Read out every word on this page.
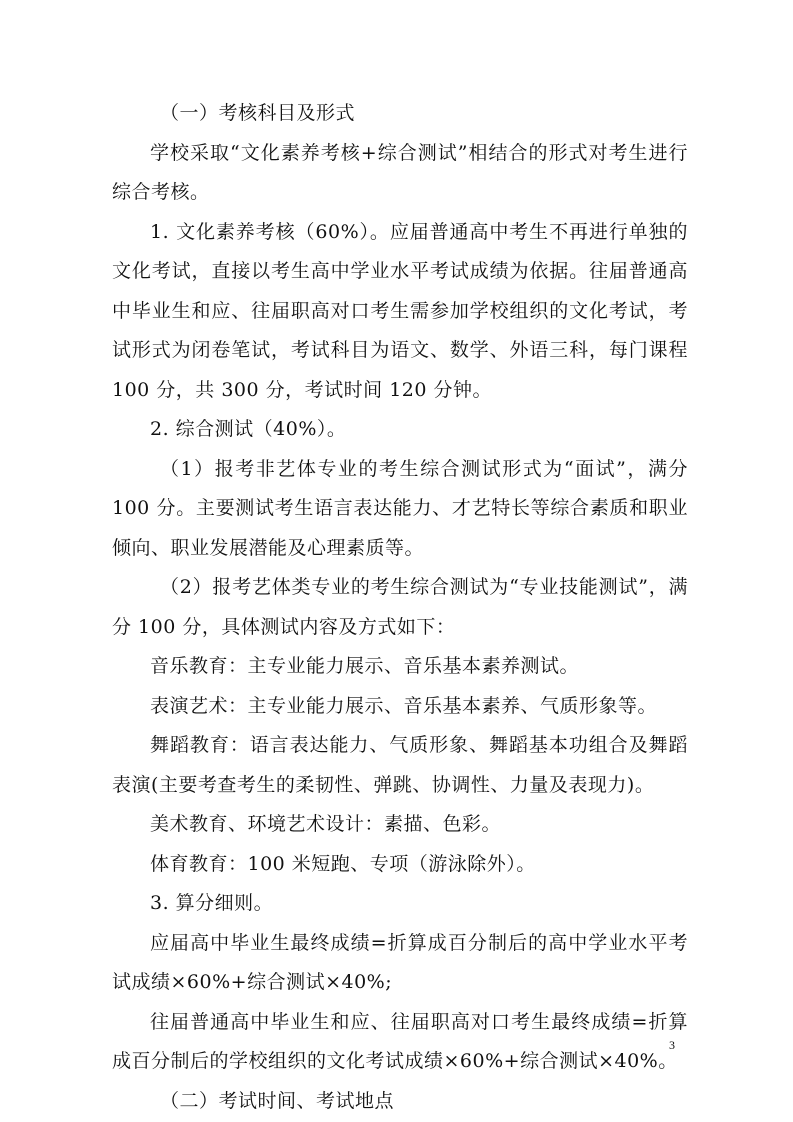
（一）考核科目及形式

学校采取“文化素养考核+综合测试”相结合的形式对考生进行综合考核。

1. 文化素养考核（60%）。应届普通高中考生不再进行单独的文化考试，直接以考生高中学业水平考试成绩为依据。往届普通高中毕业生和应、往届职高对口考生需参加学校组织的文化考试，考试形式为闭卷笔试，考试科目为语文、数学、外语三科，每门课程 100 分，共 300 分，考试时间 120 分钟。

2. 综合测试（40%）。

（1）报考非艺体专业的考生综合测试形式为“面试”，满分 100 分。主要测试考生语言表达能力、才艺特长等综合素质和职业倾向、职业发展潜能及心理素质等。

（2）报考艺体类专业的考生综合测试为“专业技能测试”，满分 100 分，具体测试内容及方式如下：

音乐教育：主专业能力展示、音乐基本素养测试。

表演艺术：主专业能力展示、音乐基本素养、气质形象等。

舞蹈教育：语言表达能力、气质形象、舞蹈基本功组合及舞蹈表演(主要考查考生的柔韧性、弹跳、协调性、力量及表现力)。

美术教育、环境艺术设计：素描、色彩。

体育教育：100 米短跑、专项（游泳除外）。

3. 算分细则。

应届高中毕业生最终成绩=折算成百分制后的高中学业水平考试成绩×60%+综合测试×40%;

往届普通高中毕业生和应、往届职高对口考生最终成绩=折算成百分制后的学校组织的文化考试成绩×60%+综合测试×40%。

（二）考试时间、考试地点

3
